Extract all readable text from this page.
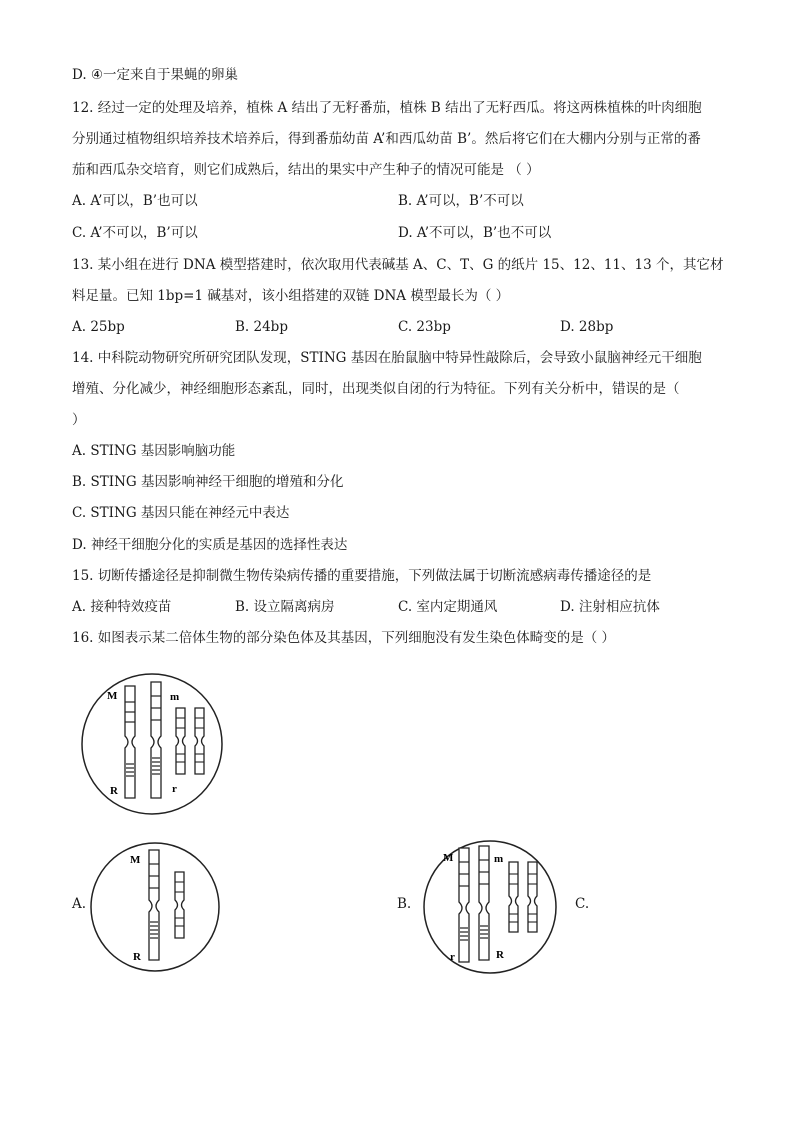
D. ④一定来自于果蝇的卵巢
12. 经过一定的处理及培养，植株 A 结出了无籽番茄，植株 B 结出了无籽西瓜。将这两株植株的叶肉细胞
分别通过植物组织培养技术培养后，得到番茄幼苗 A’和西瓜幼苗 B’。然后将它们在大棚内分别与正常的番
茄和西瓜杂交培育，则它们成熟后，结出的果实中产生种子的情况可能是 （ ）
A. A’可以，B’也可以	B. A’可以，B’不可以
C. A’不可以，B’可以	D. A’不可以，B’也不可以
13. 某小组在进行 DNA 模型搭建时，依次取用代表碱基 A、C、T、G 的纸片 15、12、11、13 个，其它材
料足量。已知 1bp=1 碱基对，该小组搭建的双链 DNA 模型最长为（ ）
A. 25bp	B. 24bp	C. 23bp	D. 28bp
14. 中科院动物研究所研究团队发现，STING 基因在胎鼠脑中特异性敲除后，会导致小鼠脑神经元干细胞
增殖、分化减少，神经细胞形态紊乱，同时，出现类似自闭的行为特征。下列有关分析中，错误的是（
）
A. STING 基因影响脑功能
B. STING 基因影响神经干细胞的增殖和分化
C. STING 基因只能在神经元中表达
D. 神经干细胞分化的实质是基因的选择性表达
15. 切断传播途径是抑制微生物传染病传播的重要措施，下列做法属于切断流感病毒传播途径的是
A. 接种特效疫苗	B. 设立隔离病房	C. 室内定期通风	D. 注射相应抗体
16. 如图表示某二倍体生物的部分染色体及其基因，下列细胞没有发生染色体畸变的是（ ）
M	m
R	r
A.
M
R
B.
M	m
r	R
C.
